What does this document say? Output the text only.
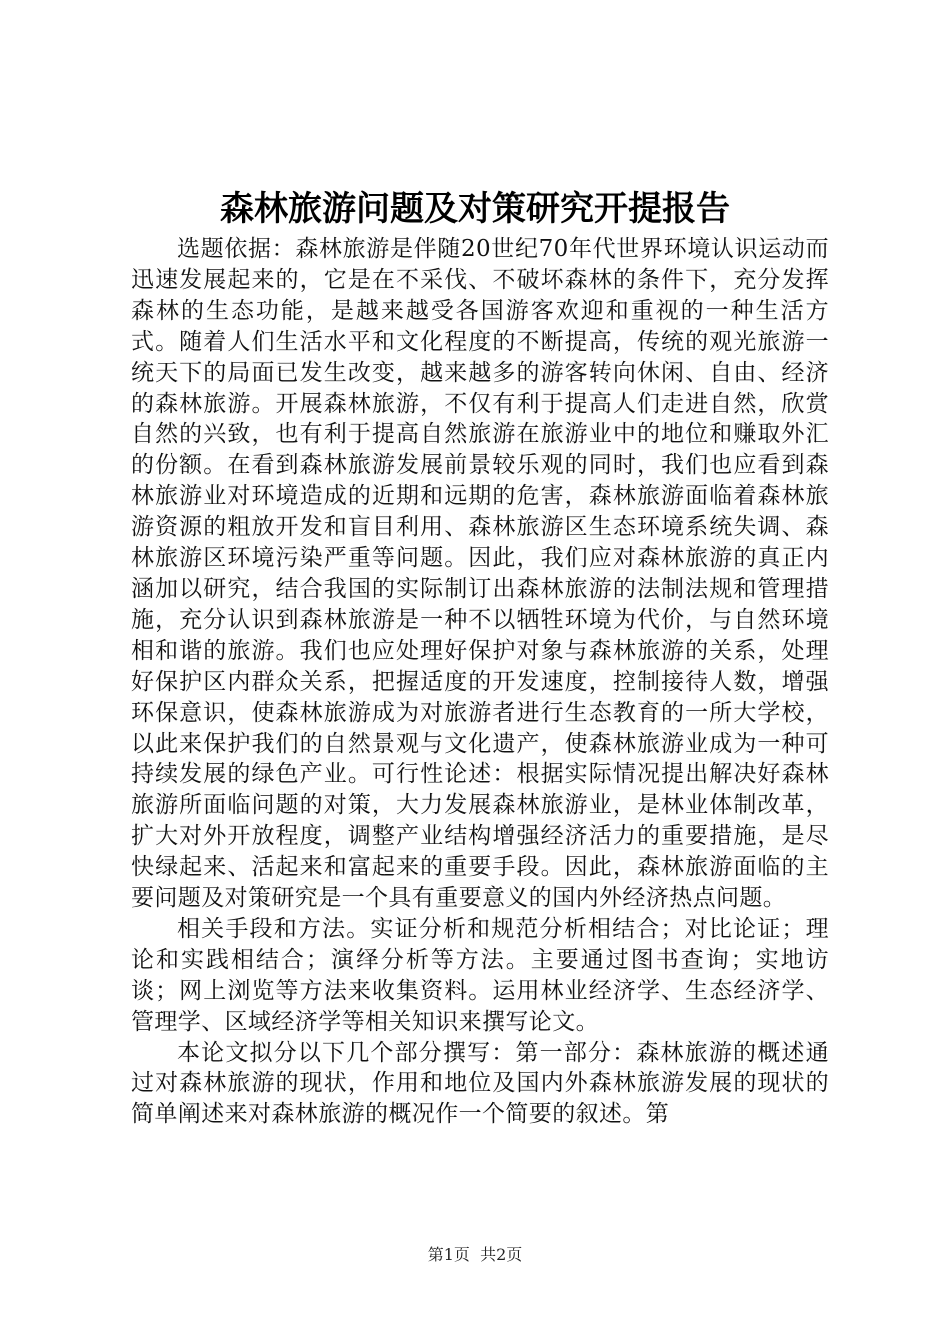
森林旅游问题及对策研究开提报告

选题依据：森林旅游是伴随20世纪70年代世界环境认识运动而迅速发展起来的，它是在不采伐、不破坏森林的条件下，充分发挥森林的生态功能，是越来越受各国游客欢迎和重视的一种生活方式。随着人们生活水平和文化程度的不断提高，传统的观光旅游一统天下的局面已发生改变，越来越多的游客转向休闲、自由、经济的森林旅游。开展森林旅游，不仅有利于提高人们走进自然，欣赏自然的兴致，也有利于提高自然旅游在旅游业中的地位和赚取外汇的份额。在看到森林旅游发展前景较乐观的同时，我们也应看到森林旅游业对环境造成的近期和远期的危害，森林旅游面临着森林旅游资源的粗放开发和盲目利用、森林旅游区生态环境系统失调、森林旅游区环境污染严重等问题。因此，我们应对森林旅游的真正内涵加以研究，结合我国的实际制订出森林旅游的法制法规和管理措施，充分认识到森林旅游是一种不以牺牲环境为代价，与自然环境相和谐的旅游。我们也应处理好保护对象与森林旅游的关系，处理好保护区内群众关系，把握适度的开发速度，控制接待人数，增强环保意识，使森林旅游成为对旅游者进行生态教育的一所大学校，以此来保护我们的自然景观与文化遗产，使森林旅游业成为一种可持续发展的绿色产业。可行性论述：根据实际情况提出解决好森林旅游所面临问题的对策，大力发展森林旅游业，是林业体制改革，扩大对外开放程度，调整产业结构增强经济活力的重要措施，是尽快绿起来、活起来和富起来的重要手段。因此，森林旅游面临的主要问题及对策研究是一个具有重要意义的国内外经济热点问题。

相关手段和方法。实证分析和规范分析相结合；对比论证；理论和实践相结合；演绎分析等方法。主要通过图书查询；实地访谈；网上浏览等方法来收集资料。运用林业经济学、生态经济学、管理学、区域经济学等相关知识来撰写论文。

本论文拟分以下几个部分撰写：第一部分：森林旅游的概述通过对森林旅游的现状，作用和地位及国内外森林旅游发展的现状的简单阐述来对森林旅游的概况作一个简要的叙述。第

第1页  共2页
